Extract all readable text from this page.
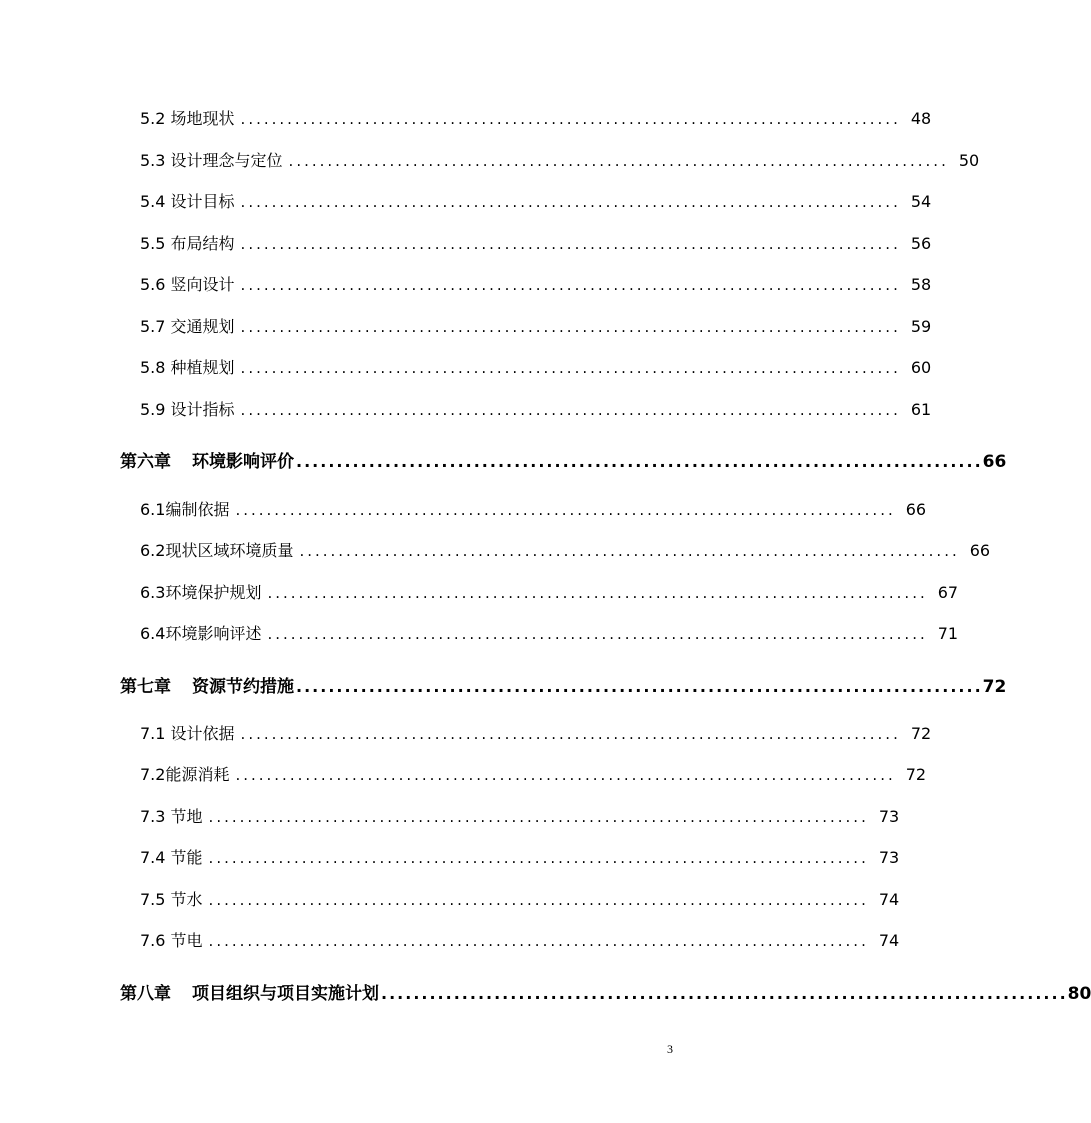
5.2 场地现状 ..................................................................................... 48
5.3 设计理念与定位 ..................................................................................... 50
5.4 设计目标 ..................................................................................... 54
5.5 布局结构 ..................................................................................... 56
5.6 竖向设计 ..................................................................................... 58
5.7 交通规划 ..................................................................................... 59
5.8 种植规划 ..................................................................................... 60
5.9 设计指标 ..................................................................................... 61
第六章 环境影响评价 ..................................................................................... 66
6.1编制依据 ..................................................................................... 66
6.2现状区域环境质量 ..................................................................................... 66
6.3环境保护规划 ..................................................................................... 67
6.4环境影响评述 ..................................................................................... 71
第七章 资源节约措施 ..................................................................................... 72
7.1 设计依据 ..................................................................................... 72
7.2能源消耗 ..................................................................................... 72
7.3 节地 ..................................................................................... 73
7.4 节能 ..................................................................................... 73
7.5 节水 ..................................................................................... 74
7.6 节电 ..................................................................................... 74
第八章 项目组织与项目实施计划 ..................................................................................... 80
3
